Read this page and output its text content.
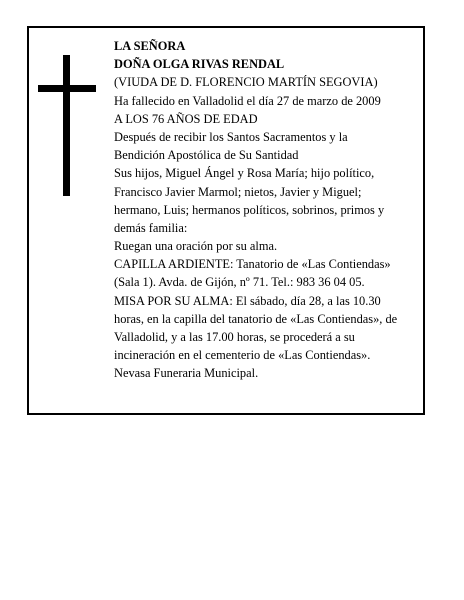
LA SEÑORA
DOÑA OLGA RIVAS RENDAL
(VIUDA DE D. FLORENCIO MARTÍN SEGOVIA)
Ha fallecido en Valladolid el día 27 de marzo de 2009
A LOS 76 AÑOS DE EDAD
Después de recibir los Santos Sacramentos y la
Bendición Apostólica de Su Santidad
Sus hijos, Miguel Ángel y Rosa María; hijo político,
Francisco Javier Marmol; nietos, Javier y Miguel;
hermano, Luis; hermanos políticos, sobrinos, primos y
demás familia:
Ruegan una oración por su alma.
CAPILLA ARDIENTE: Tanatorio de «Las Contiendas»
(Sala 1). Avda. de Gijón, nº 71. Tel.: 983 36 04 05.
MISA POR SU ALMA: El sábado, día 28, a las 10.30
horas, en la capilla del tanatorio de «Las Contiendas», de
Valladolid, y a las 17.00 horas, se procederá a su
incineración en el cementerio de «Las Contiendas».
Nevasa Funeraria Municipal.
